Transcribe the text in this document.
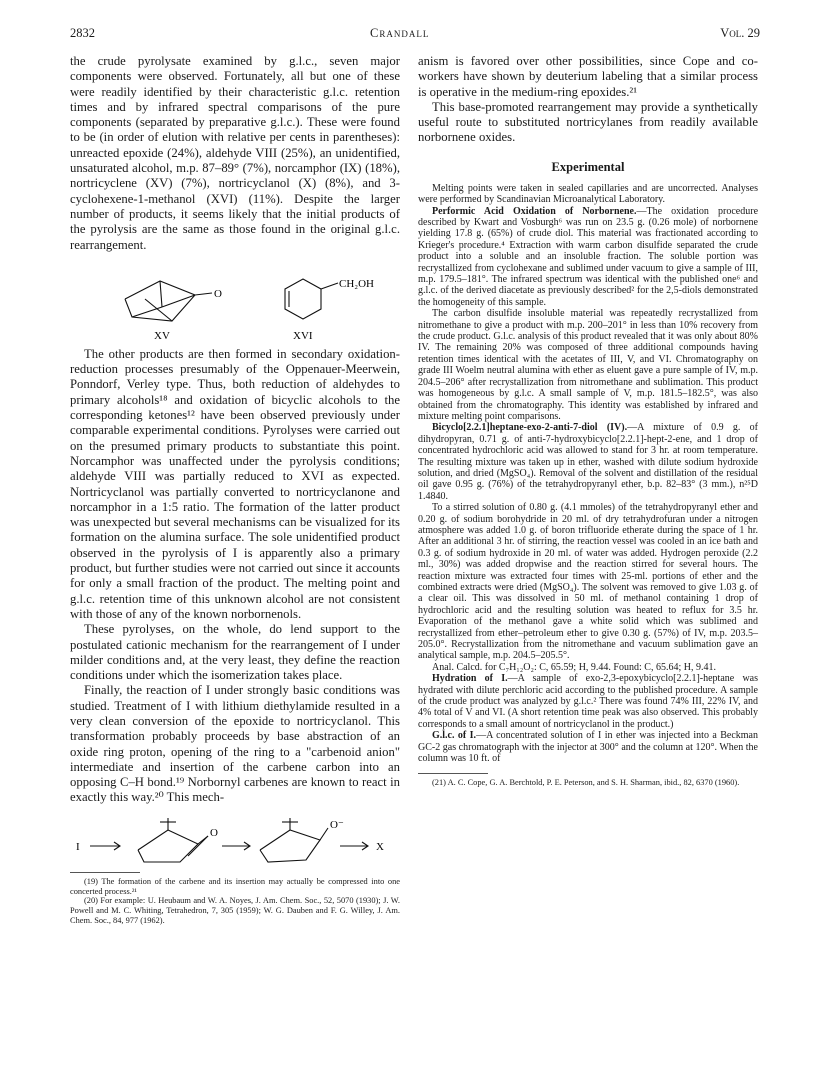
2832	Crandall	Vol. 29

the crude pyrolysate examined by g.l.c., seven major components were observed. Fortunately, all but one of these were readily identified by their characteristic g.l.c. retention times and by infrared spectral comparisons of the pure components (separated by preparative g.l.c.). These were found to be (in order of elution with relative per cents in parentheses): unreacted epoxide (24%), aldehyde VIII (25%), an unidentified, unsaturated alcohol, m.p. 87–89° (7%), norcamphor (IX) (18%), nortricyclene (XV) (7%), nortricyclanol (X) (8%), and 3-cyclohexene-1-methanol (XVI) (11%). Despite the larger number of products, it seems likely that the initial products of the pyrolysis are the same as those found in the original g.l.c. rearrangement.

O
CH₂OH
XV	XVI

The other products are then formed in secondary oxidation-reduction processes presumably of the Oppenauer-Meerwein, Ponndorf, Verley type. Thus, both reduction of aldehydes to primary alcohols¹⁸ and oxidation of bicyclic alcohols to the corresponding ketones¹² have been observed previously under comparable experimental conditions. Pyrolyses were carried out on the presumed primary products to substantiate this point. Norcamphor was unaffected under the pyrolysis conditions; aldehyde VIII was partially reduced to XVI as expected. Nortricyclanol was partially converted to nortricyclanone and norcamphor in a 1:5 ratio. The formation of the latter product was unexpected but several mechanisms can be visualized for its formation on the alumina surface. The sole unidentified product observed in the pyrolysis of I is apparently also a primary product, but further studies were not carried out since it accounts for only a small fraction of the product. The melting point and g.l.c. retention time of this unknown alcohol are not consistent with those of any of the known norbornenols.

These pyrolyses, on the whole, do lend support to the postulated cationic mechanism for the rearrangement of I under milder conditions and, at the very least, they define the reaction conditions under which the isomerization takes place.

Finally, the reaction of I under strongly basic conditions was studied. Treatment of I with lithium diethylamide resulted in a very clean conversion of the epoxide to nortricyclanol. This transformation probably proceeds by base abstraction of an oxide ring proton, opening of the ring to a "carbenoid anion" intermediate and insertion of the carbene carbon into an opposing C–H bond.¹⁹ Norbornyl carbenes are known to react in exactly this way.²⁰ This mech-

I
O
O⁻
X

(19) The formation of the carbene and its insertion may actually be compressed into one concerted process.²¹

(20) For example: U. Heubaum and W. A. Noyes, J. Am. Chem. Soc., 52, 5070 (1930); J. W. Powell and M. C. Whiting, Tetrahedron, 7, 305 (1959); W. G. Dauben and F. G. Willey, J. Am. Chem. Soc., 84, 977 (1962).

anism is favored over other possibilities, since Cope and co-workers have shown by deuterium labeling that a similar process is operative in the medium-ring epoxides.²¹

This base-promoted rearrangement may provide a synthetically useful route to substituted nortricylanes from readily available norbornene oxides.

Experimental

Melting points were taken in sealed capillaries and are uncorrected. Analyses were performed by Scandinavian Microanalytical Laboratory.

Performic Acid Oxidation of Norbornene.—The oxidation procedure described by Kwart and Vosburgh⁶ was run on 23.5 g. (0.26 mole) of norbornene yielding 17.8 g. (65%) of crude diol. This material was fractionated according to Krieger's procedure.⁴ Extraction with warm carbon disulfide separated the crude product into a soluble and an insoluble fraction. The soluble portion was recrystallized from cyclohexane and sublimed under vacuum to give a sample of III, m.p. 179.5–181°. The infrared spectrum was identical with the published one⁶ and g.l.c. of the derived diacetate as previously described² for the 2,5-diols demonstrated the homogeneity of this sample.

The carbon disulfide insoluble material was repeatedly recrystallized from nitromethane to give a product with m.p. 200–201° in less than 10% recovery from the crude product. G.l.c. analysis of this product revealed that it was only about 80% IV. The remaining 20% was composed of three additional compounds having retention times identical with the acetates of III, V, and VI. Chromatography on grade III Woelm neutral alumina with ether as eluent gave a pure sample of IV, m.p. 204.5–206° after recrystallization from nitromethane and sublimation. This product was homogeneous by g.l.c. A small sample of V, m.p. 181.5–182.5°, was also obtained from the chromatography. This identity was established by infrared and mixture melting point comparisons.

Bicyclo[2.2.1]heptane-exo-2-anti-7-diol (IV).—A mixture of 0.9 g. of dihydropyran, 0.71 g. of anti-7-hydroxybicyclo[2.2.1]-hept-2-ene, and 1 drop of concentrated hydrochloric acid was allowed to stand for 3 hr. at room temperature. The resulting mixture was taken up in ether, washed with dilute sodium hydroxide solution, and dried (MgSO₄). Removal of the solvent and distillation of the residual oil gave 0.95 g. (76%) of the tetrahydropyranyl ether, b.p. 82–83° (3 mm.), n²⁵D 1.4840.

To a stirred solution of 0.80 g. (4.1 mmoles) of the tetrahydropyranyl ether and 0.20 g. of sodium borohydride in 20 ml. of dry tetrahydrofuran under a nitrogen atmosphere was added 1.0 g. of boron trifluoride etherate during the space of 1 hr. After an additional 3 hr. of stirring, the reaction vessel was cooled in an ice bath and 0.3 g. of sodium hydroxide in 20 ml. of water was added. Hydrogen peroxide (2.2 ml., 30%) was added dropwise and the reaction stirred for several hours. The reaction mixture was extracted four times with 25-ml. portions of ether and the combined extracts were dried (MgSO₄). The solvent was removed to give 1.03 g. of a clear oil. This was dissolved in 50 ml. of methanol containing 1 drop of hydrochloric acid and the resulting solution was heated to reflux for 3.5 hr. Evaporation of the methanol gave a white solid which was sublimed and recrystallized from ether–petroleum ether to give 0.30 g. (57%) of IV, m.p. 203.5–205.0°. Recrystallization from the nitromethane and vacuum sublimation gave an analytical sample, m.p. 204.5–205.5°.

Anal. Calcd. for C₇H₁₂O₂: C, 65.59; H, 9.44. Found: C, 65.64; H, 9.41.

Hydration of I.—A sample of exo-2,3-epoxybicyclo[2.2.1]-heptane was hydrated with dilute perchloric acid according to the published procedure. A sample of the crude product was analyzed by g.l.c.² There was found 74% III, 22% IV, and 4% total of V and VI. (A short retention time peak was also observed. This probably corresponds to a small amount of nortricyclanol in the product.)

G.l.c. of I.—A concentrated solution of I in ether was injected into a Beckman GC-2 gas chromatograph with the injector at 300° and the column at 120°. When the column was 10 ft. of

(21) A. C. Cope, G. A. Berchtold, P. E. Peterson, and S. H. Sharman, ibid., 82, 6370 (1960).
